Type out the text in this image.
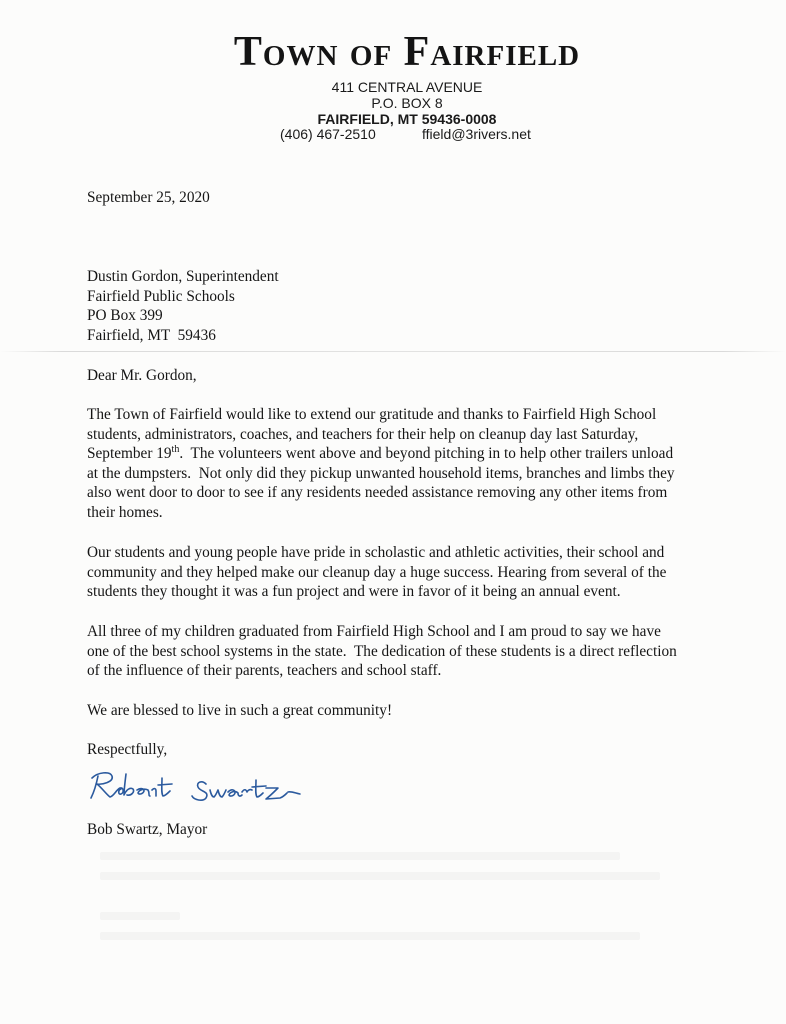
Town of Fairfield
411 CENTRAL AVENUE
P.O. BOX 8
FAIRFIELD, MT 59436-0008
(406) 467-2510	ffield@3rivers.net
September 25, 2020
Dustin Gordon, Superintendent
Fairfield Public Schools
PO Box 399
Fairfield, MT  59436
Dear Mr. Gordon,
The Town of Fairfield would like to extend our gratitude and thanks to Fairfield High School
students, administrators, coaches, and teachers for their help on cleanup day last Saturday,
September 19th.  The volunteers went above and beyond pitching in to help other trailers unload
at the dumpsters.  Not only did they pickup unwanted household items, branches and limbs they
also went door to door to see if any residents needed assistance removing any other items from
their homes.
Our students and young people have pride in scholastic and athletic activities, their school and
community and they helped make our cleanup day a huge success. Hearing from several of the
students they thought it was a fun project and were in favor of it being an annual event.
All three of my children graduated from Fairfield High School and I am proud to say we have
one of the best school systems in the state.  The dedication of these students is a direct reflection
of the influence of their parents, teachers and school staff.
We are blessed to live in such a great community!
Respectfully,
Bob Swartz, Mayor
